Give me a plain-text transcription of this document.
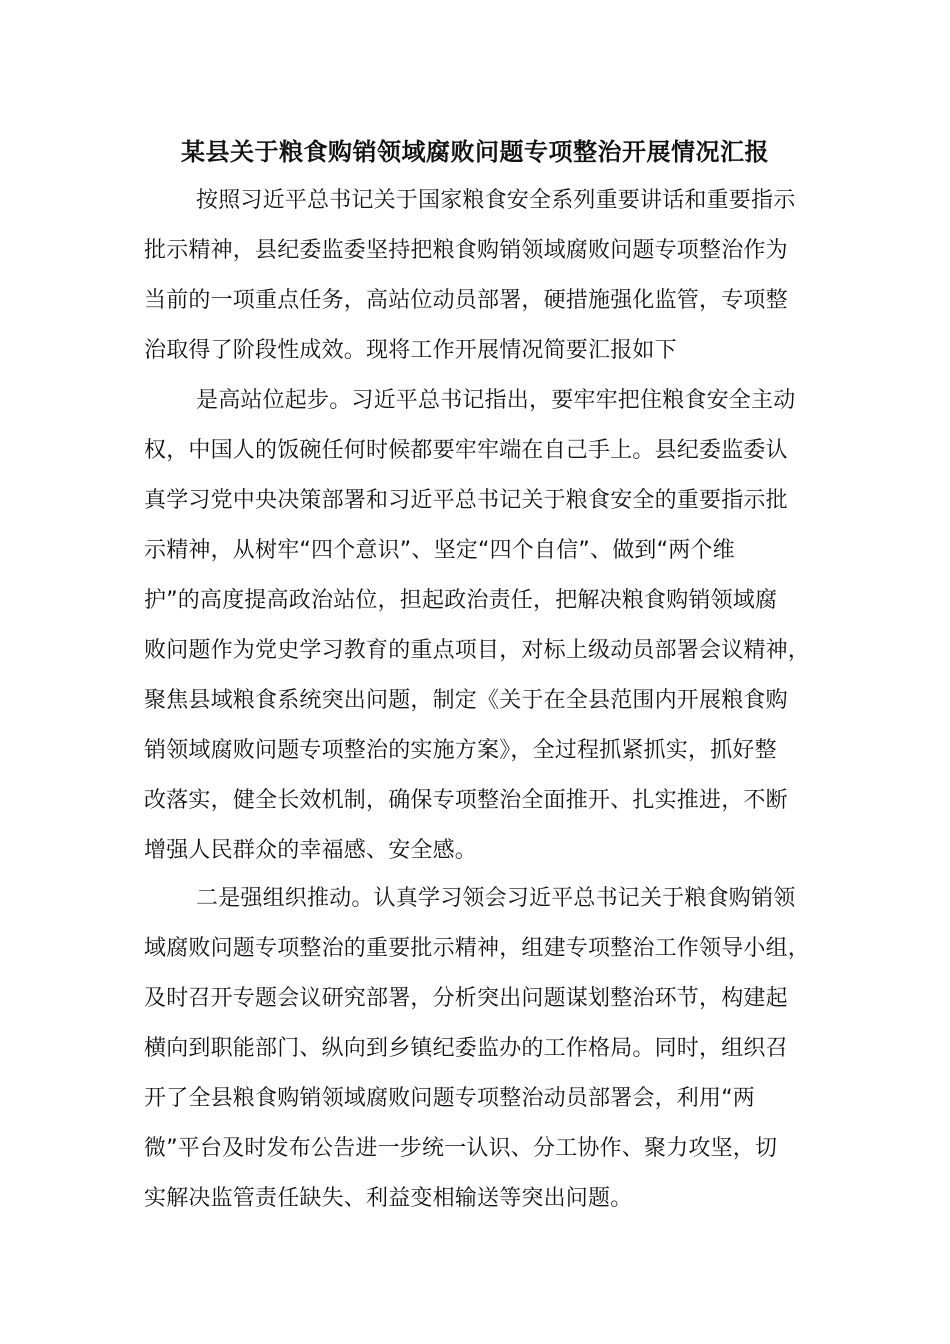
某县关于粮食购销领域腐败问题专项整治开展情况汇报
按照习近平总书记关于国家粮食安全系列重要讲话和重要指示
批示精神，县纪委监委坚持把粮食购销领域腐败问题专项整治作为
当前的一项重点任务，高站位动员部署，硬措施强化监管，专项整
治取得了阶段性成效。现将工作开展情况简要汇报如下
是高站位起步。习近平总书记指出，要牢牢把住粮食安全主动
权，中国人的饭碗任何时候都要牢牢端在自己手上。县纪委监委认
真学习党中央决策部署和习近平总书记关于粮食安全的重要指示批
示精神，从树牢“四个意识”、坚定“四个自信”、做到“两个维
护”的高度提高政治站位，担起政治责任，把解决粮食购销领域腐
败问题作为党史学习教育的重点项目，对标上级动员部署会议精神，
聚焦县域粮食系统突出问题，制定《关于在全县范围内开展粮食购
销领域腐败问题专项整治的实施方案》，全过程抓紧抓实，抓好整
改落实，健全长效机制，确保专项整治全面推开、扎实推进，不断
增强人民群众的幸福感、安全感。
二是强组织推动。认真学习领会习近平总书记关于粮食购销领
域腐败问题专项整治的重要批示精神，组建专项整治工作领导小组，
及时召开专题会议研究部署，分析突出问题谋划整治环节，构建起
横向到职能部门、纵向到乡镇纪委监办的工作格局。同时，组织召
开了全县粮食购销领域腐败问题专项整治动员部署会，利用“两
微”平台及时发布公告进一步统一认识、分工协作、聚力攻坚，切
实解决监管责任缺失、利益变相输送等突出问题。
